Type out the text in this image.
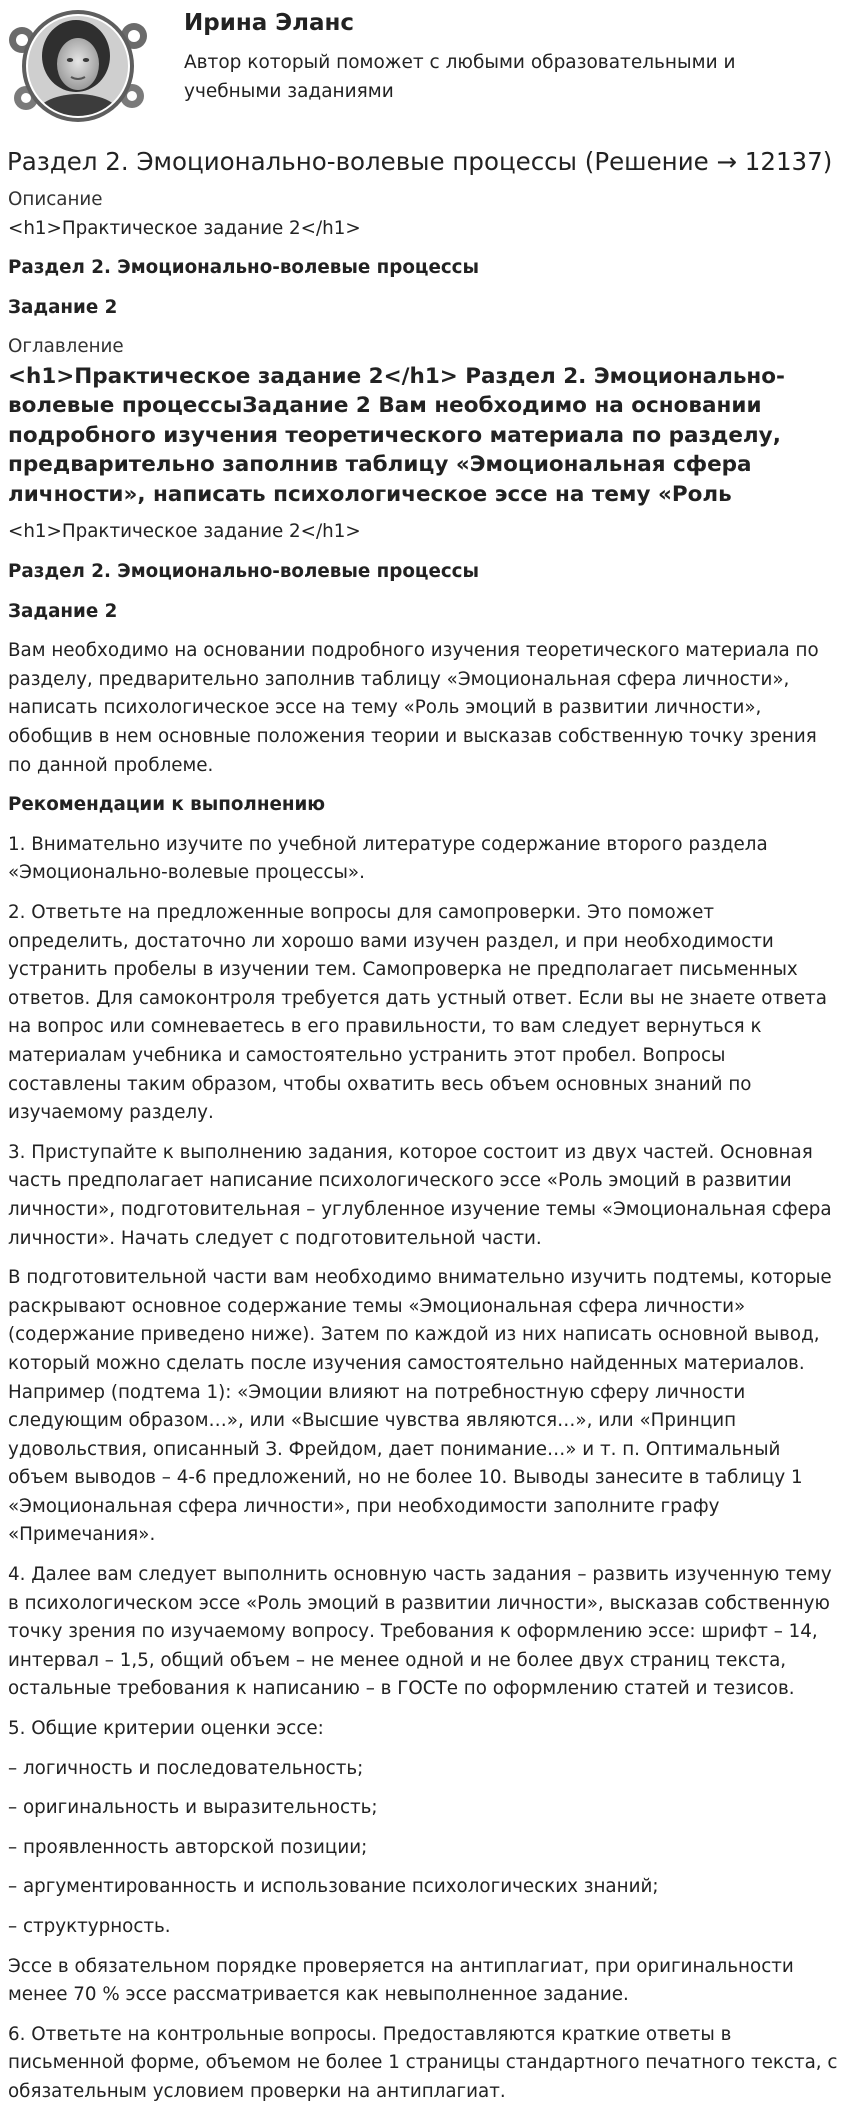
Ирина Эланс
Автор который поможет с любыми образовательными и учебными заданиями
Раздел 2. Эмоционально-волевые процессы (Решение → 12137)

Описание

<h1>Практическое задание 2</h1>

Раздел 2. Эмоционально-волевые процессы

Задание 2

Оглавление

<h1>Практическое задание 2</h1> Раздел 2. Эмоционально-волевые процессыЗадание 2 Вам необходимо на основании подробного изучения теоретического материала по разделу, предварительно заполнив таблицу «Эмоциональная сфера личности», написать психологическое эссе на тему «Роль

<h1>Практическое задание 2</h1>

Раздел 2. Эмоционально-волевые процессы

Задание 2

Вам необходимо на основании подробного изучения теоретического материала по разделу, предварительно заполнив таблицу «Эмоциональная сфера личности», написать психологическое эссе на тему «Роль эмоций в развитии личности», обобщив в нем основные положения теории и высказав собственную точку зрения по данной проблеме.

Рекомендации к выполнению

1. Внимательно изучите по учебной литературе содержание второго раздела «Эмоционально-волевые процессы».

2. Ответьте на предложенные вопросы для самопроверки. Это поможет определить, достаточно ли хорошо вами изучен раздел, и при необходимости устранить пробелы в изучении тем. Самопроверка не предполагает письменных ответов. Для самоконтроля требуется дать устный ответ. Если вы не знаете ответа на вопрос или сомневаетесь в его правильности, то вам следует вернуться к материалам учебника и самостоятельно устранить этот пробел. Вопросы составлены таким образом, чтобы охватить весь объем основных знаний по изучаемому разделу.

3. Приступайте к выполнению задания, которое состоит из двух частей. Основная часть предполагает написание психологического эссе «Роль эмоций в развитии личности», подготовительная – углубленное изучение темы «Эмоциональная сфера личности». Начать следует с подготовительной части.

В подготовительной части вам необходимо внимательно изучить подтемы, которые раскрывают основное содержание темы «Эмоциональная сфера личности» (содержание приведено ниже). Затем по каждой из них написать основной вывод, который можно сделать после изучения самостоятельно найденных материалов. Например (подтема 1): «Эмоции влияют на потребностную сферу личности следующим образом…», или «Высшие чувства являются…», или «Принцип удовольствия, описанный З. Фрейдом, дает понимание…» и т. п. Оптимальный объем выводов – 4-6 предложений, но не более 10. Выводы занесите в таблицу 1 «Эмоциональная сфера личности», при необходимости заполните графу «Примечания».

4. Далее вам следует выполнить основную часть задания – развить изученную тему в психологическом эссе «Роль эмоций в развитии личности», высказав собственную точку зрения по изучаемому вопросу. Требования к оформлению эссе: шрифт – 14, интервал – 1,5, общий объем – не менее одной и не более двух страниц текста, остальные требования к написанию – в ГОСТе по оформлению статей и тезисов.

5. Общие критерии оценки эссе:

– логичность и последовательность;

– оригинальность и выразительность;

– проявленность авторской позиции;

– аргументированность и использование психологических знаний;

– структурность.

Эссе в обязательном порядке проверяется на антиплагиат, при оригинальности менее 70 % эссе рассматривается как невыполненное задание.

6. Ответьте на контрольные вопросы. Предоставляются краткие ответы в письменной форме, объемом не более 1 страницы стандартного печатного текста, с обязательным условием проверки на антиплагиат.
